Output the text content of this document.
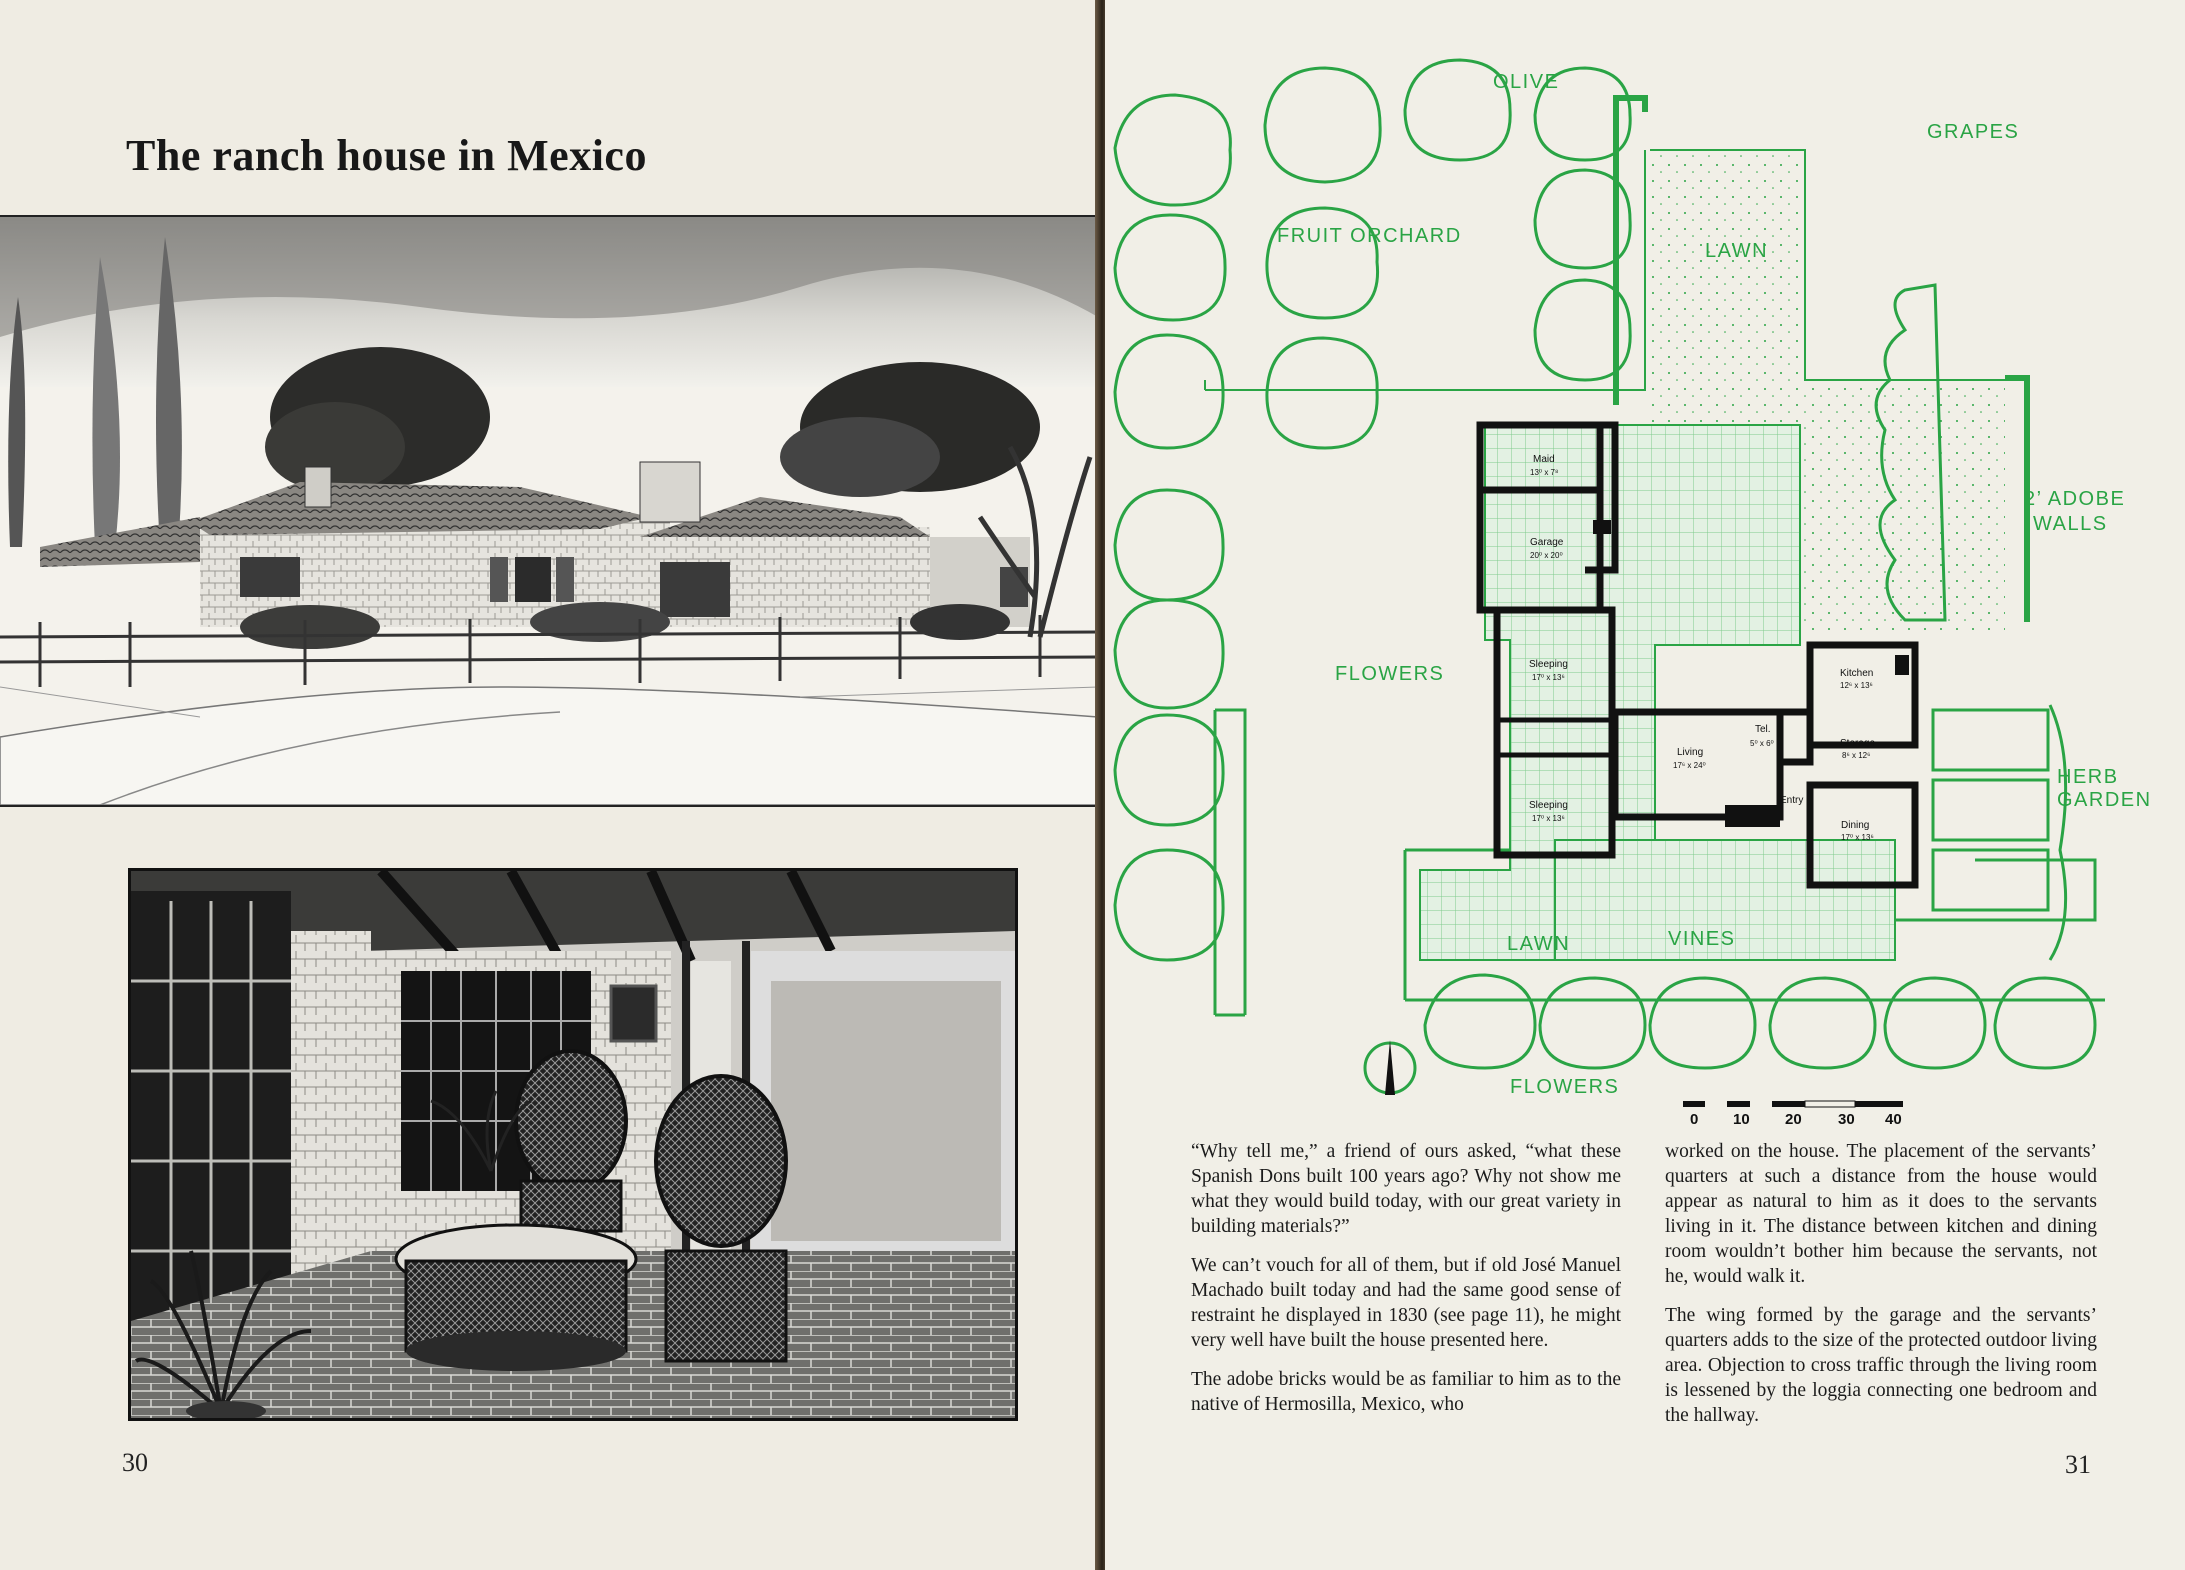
The ranch house in Mexico
30
Maid
13⁰ x 7⁸
Garage
20⁰ x 20⁰
Sleeping
17⁰ x 13⁶
Sleeping
17⁰ x 13⁶
Living
17⁶ x 24⁰
Tel.
5⁰ x 6⁰
Entry
Kitchen
12⁶ x 13⁶
Storage
8⁶ x 12⁶
Dining
17⁰ x 13⁶
OLIVE
GRAPES
FRUIT ORCHARD
LAWN
2’ ADOBE
WALLS
FLOWERS
HERB
GARDEN
LAWN	VINES
FLOWERS
0 10 20 30 40

“Why tell me,” a friend of ours asked, “what these Spanish Dons built 100 years ago? Why not show me what they would build today, with our great variety in building materials?”

We can’t vouch for all of them, but if old José Manuel Machado built today and had the same good sense of restraint he displayed in 1830 (see page 11), he might very well have built the house presented here.

The adobe bricks would be as familiar to him as to the native of Hermosilla, Mexico, who

worked on the house. The placement of the servants’ quarters at such a distance from the house would appear as natural to him as it does to the servants living in it. The distance between kitchen and dining room wouldn’t bother him because the servants, not he, would walk it.

The wing formed by the garage and the servants’ quarters adds to the size of the protected outdoor living area. Objection to cross traffic through the living room is lessened by the loggia connecting one bedroom and the hallway.

31
